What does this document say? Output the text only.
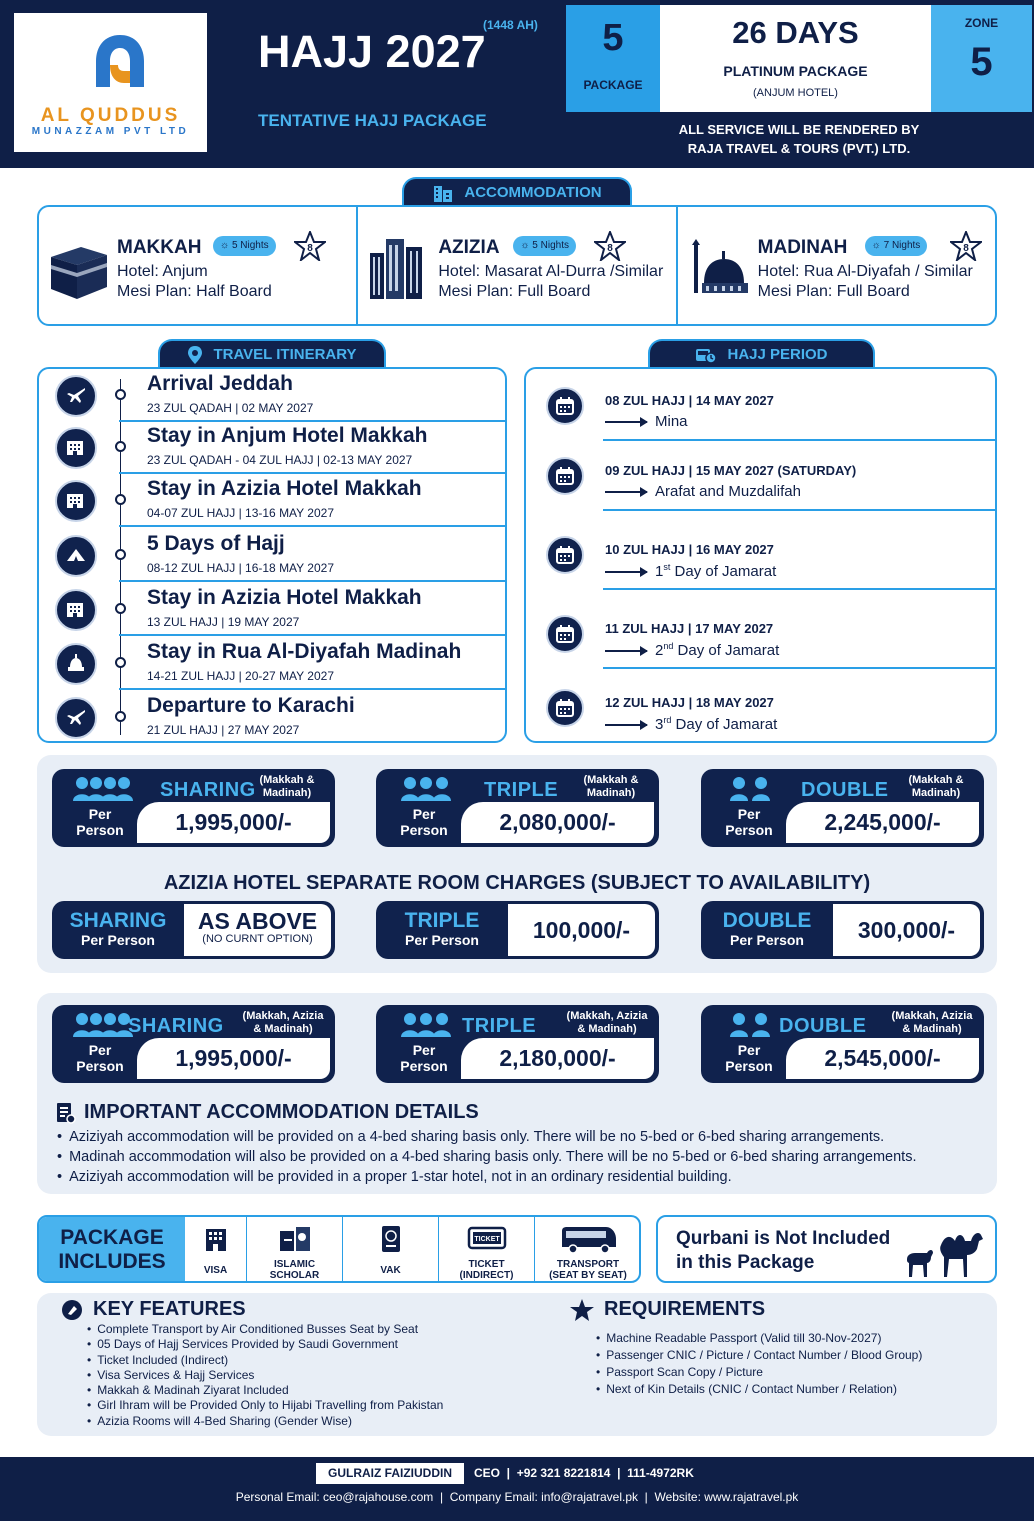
AL QUDDUS
MUNAZZAM PVT LTD
HAJJ 2027
(1448 AH)
TENTATIVE HAJJ PACKAGE
5
PACKAGE
26 DAYS
PLATINUM PACKAGE
(ANJUM HOTEL)
ZONE
5
ALL SERVICE WILL BE RENDERED BY
RAJA TRAVEL & TOURS (PVT.) LTD.
ACCOMMODATION
MAKKAH	☼ 5 Nights	8
Hotel: Anjum
Mesi Plan: Half Board
AZIZIA	☼ 5 Nights	8
Hotel: Masarat Al-Durra /Similar
Mesi Plan: Full Board
MADINAH	☼ 7 Nights	8
Hotel: Rua Al-Diyafah / Similar
Mesi Plan: Full Board
TRAVEL ITINERARY
Arrival Jeddah
23 ZUL QADAH | 02 MAY 2027
Stay in Anjum Hotel Makkah
23 ZUL QADAH - 04 ZUL HAJJ | 02-13 MAY 2027
Stay in Azizia Hotel Makkah
04-07 ZUL HAJJ | 13-16 MAY 2027
5 Days of Hajj
08-12 ZUL HAJJ | 16-18 MAY 2027
Stay in Azizia Hotel Makkah
13 ZUL HAJJ | 19 MAY 2027
Stay in Rua Al-Diyafah Madinah
14-21 ZUL HAJJ | 20-27 MAY 2027
Departure to Karachi
21 ZUL HAJJ | 27 MAY 2027
HAJJ PERIOD
08 ZUL HAJJ | 14 MAY 2027
Mina
09 ZUL HAJJ | 15 MAY 2027 (SATURDAY)
Arafat and Muzdalifah
10 ZUL HAJJ | 16 MAY 2027
1st Day of Jamarat
11 ZUL HAJJ | 17 MAY 2027
2nd Day of Jamarat
12 ZUL HAJJ | 18 MAY 2027
3rd Day of Jamarat
SHARING (Makkah &
Madinah)
Per
Person	1,995,000/-
TRIPLE	(Makkah &
Madinah)
Per
Person	2,080,000/-
DOUBLE	(Makkah &
Madinah)
Per
Person	2,245,000/-
AZIZIA HOTEL SEPARATE ROOM CHARGES (SUBJECT TO AVAILABILITY)
SHARING
Per Person
AS ABOVE
(NO CURNT OPTION)
TRIPLE
Per Person	100,000/-	DOUBLE
Per Person	300,000/-
SHARING	(Makkah, Azizia
& Madinah)
Per
Person	1,995,000/-
TRIPLE	(Makkah, Azizia
& Madinah)
Per
Person	2,180,000/-
DOUBLE	(Makkah, Azizia
& Madinah)
Per
Person	2,545,000/-
IMPORTANT ACCOMMODATION DETAILS
• Aziziyah accommodation will be provided on a 4-bed sharing basis only. There will be no 5-bed or 6-bed sharing arrangements.
• Madinah accommodation will also be provided on a 4-bed sharing basis only. There will be no 5-bed or 6-bed sharing arrangements.
• Aziziyah accommodation will be provided in a proper 1-star hotel, not in an ordinary residential building.
PACKAGE
INCLUDES	VISA
ISLAMIC
SCHOLAR	VAK
TICKET
TICKET
(INDIRECT)
TRANSPORT
(SEAT BY SEAT)
Qurbani is Not Included
in this Package
KEY FEATURES
• Complete Transport by Air Conditioned Busses Seat by Seat
• 05 Days of Hajj Services Provided by Saudi Government
• Ticket Included (Indirect)
• Visa Services & Hajj Services
• Makkah & Madinah Ziyarat Included
• Girl Ihram will be Provided Only to Hijabi Travelling from Pakistan
• Azizia Rooms will 4-Bed Sharing (Gender Wise)
REQUIREMENTS
• Machine Readable Passport (Valid till 30-Nov-2027)
• Passenger CNIC / Picture / Contact Number / Blood Group)
• Passport Scan Copy / Picture
• Next of Kin Details (CNIC / Contact Number / Relation)
GULRAIZ FAIZIUDDIN	CEO  |  +92 321 8221814  |  111-4972RK
Personal Email: ceo@rajahouse.com  |  Company Email: info@rajatravel.pk  |  Website: www.rajatravel.pk
